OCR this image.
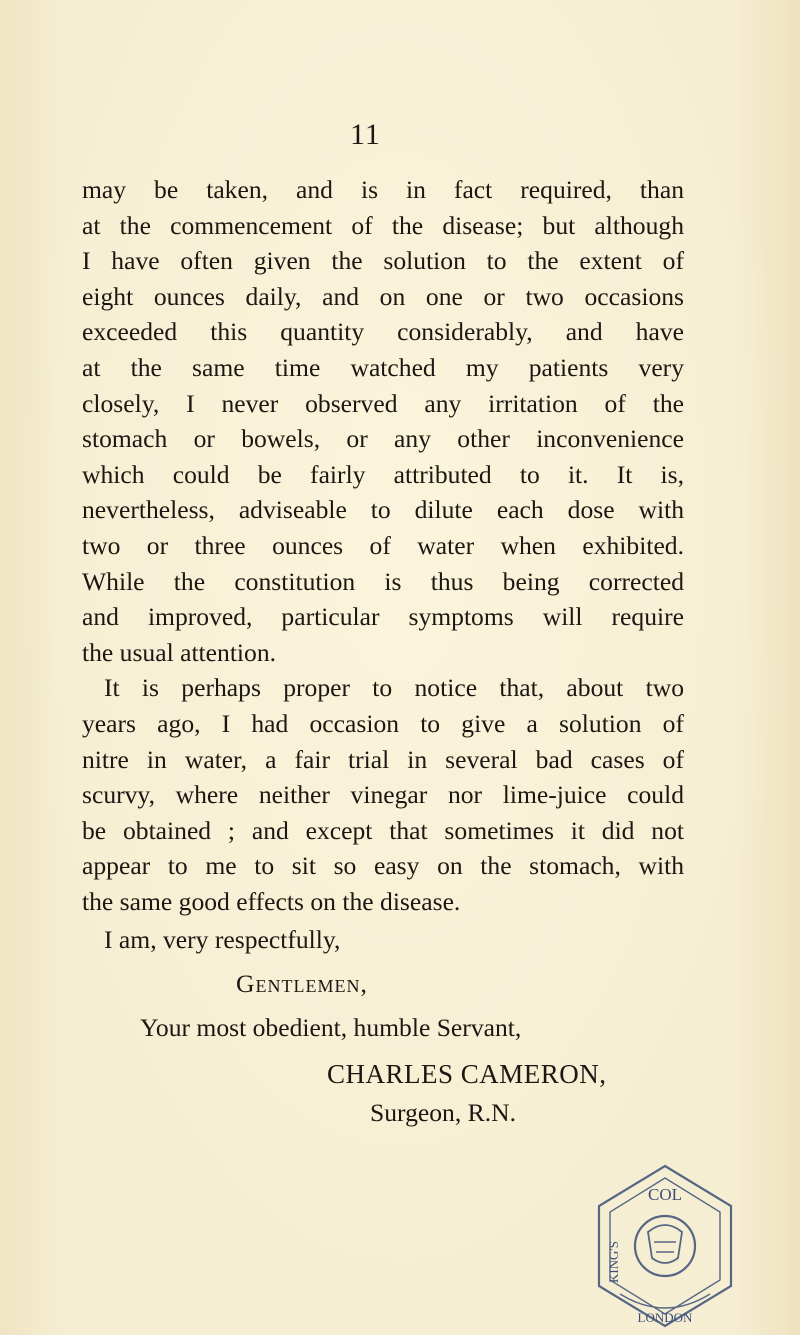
11
may be taken, and is in fact required, than
at the commencement of the disease; but although
I have often given the solution to the extent of
eight ounces daily, and on one or two occasions
exceeded this quantity considerably, and have
at the same time watched my patients very
closely, I never observed any irritation of the
stomach or bowels, or any other inconvenience
which could be fairly attributed to it. It is,
nevertheless, adviseable to dilute each dose with
two or three ounces of water when exhibited.
While the constitution is thus being corrected
and improved, particular symptoms will require
the usual attention.
It is perhaps proper to notice that, about two
years ago, I had occasion to give a solution of
nitre in water, a fair trial in several bad cases of
scurvy, where neither vinegar nor lime-juice could
be obtained ; and except that sometimes it did not
appear to me to sit so easy on the stomach, with
the same good effects on the disease.
I am, very respectfully,
Gentlemen,
Your most obedient, humble Servant,
CHARLES CAMERON,
Surgeon, R.N.
COL
KING'S
LONDON
